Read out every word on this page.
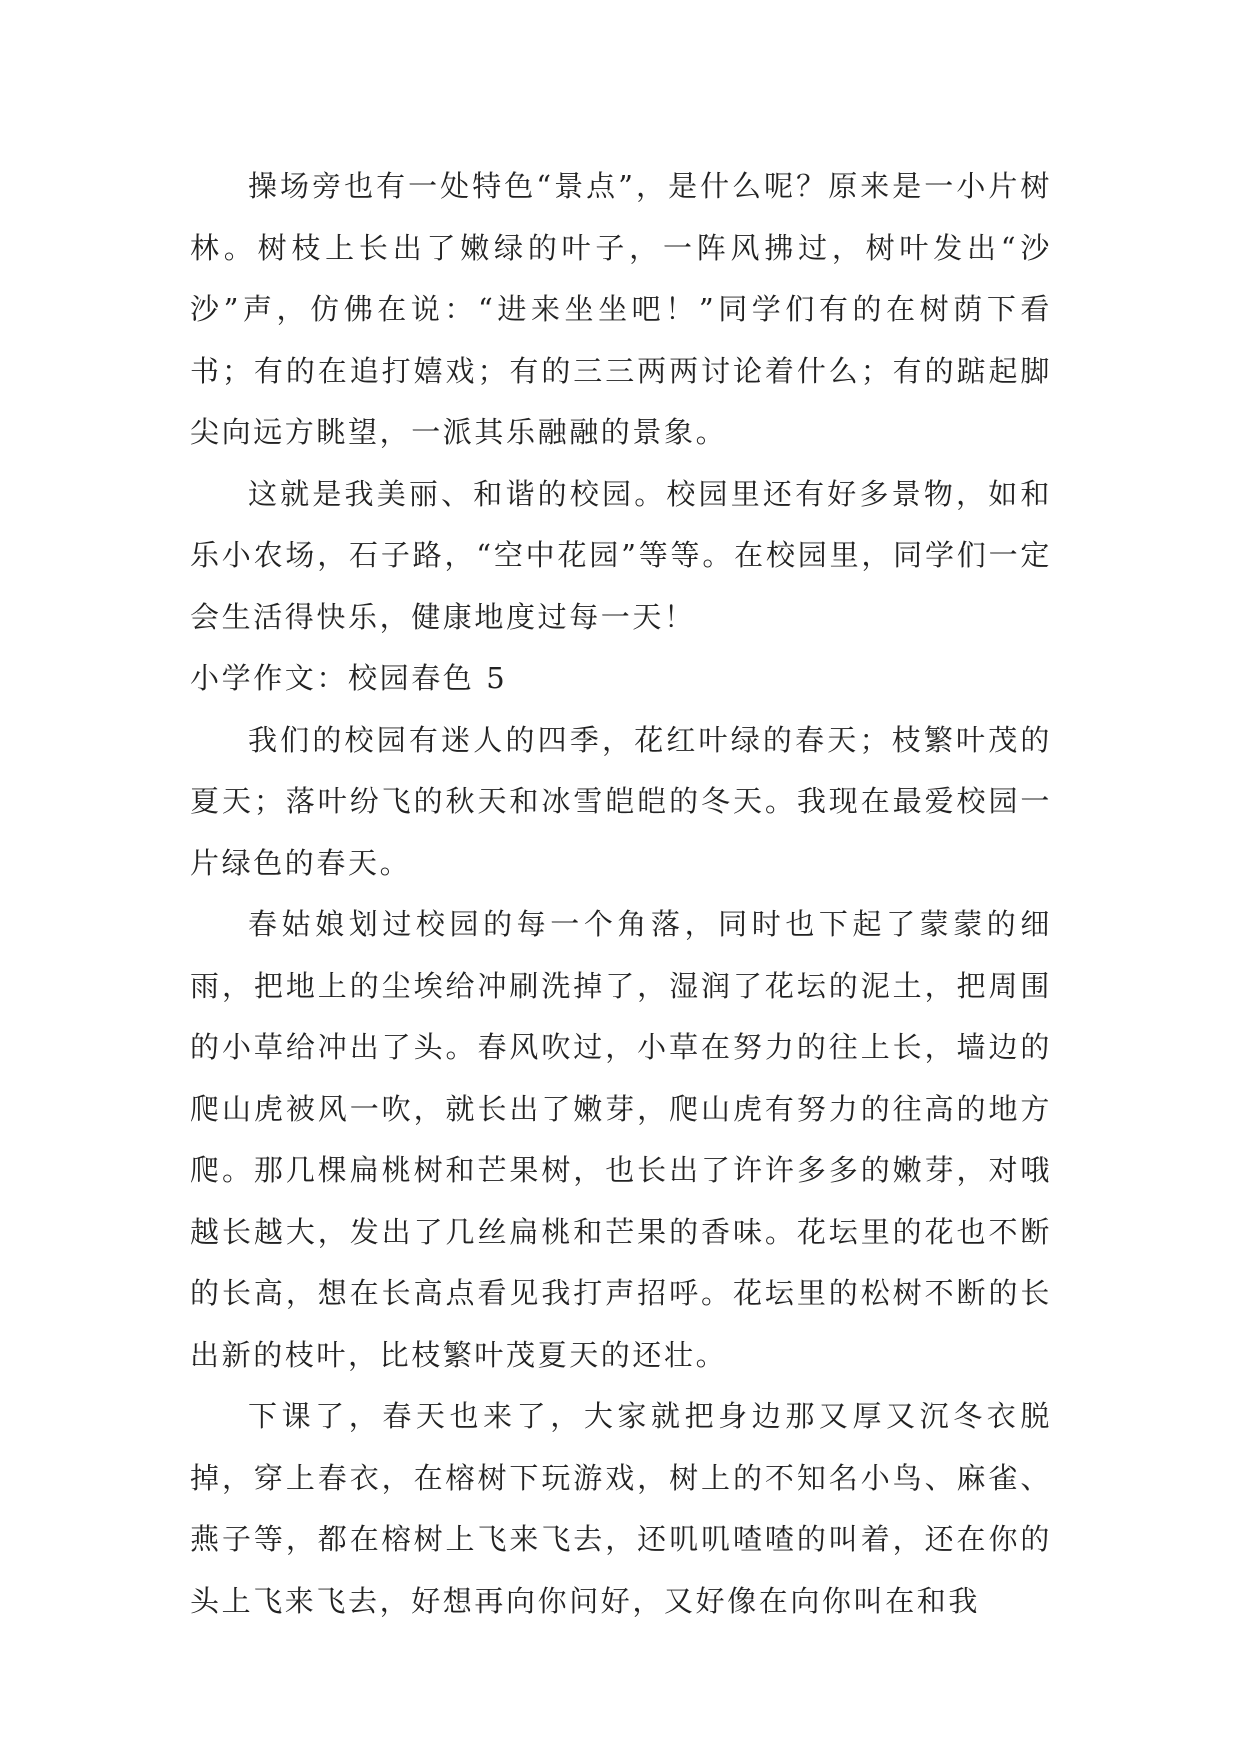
操场旁也有一处特色“景点”，是什么呢？原来是一小片树林。树枝上长出了嫩绿的叶子，一阵风拂过，树叶发出“沙沙”声，仿佛在说：“进来坐坐吧！”同学们有的在树荫下看书；有的在追打嬉戏；有的三三两两讨论着什么；有的踮起脚尖向远方眺望，一派其乐融融的景象。

这就是我美丽、和谐的校园。校园里还有好多景物，如和乐小农场，石子路，“空中花园”等等。在校园里，同学们一定会生活得快乐，健康地度过每一天！

小学作文：校园春色 5

我们的校园有迷人的四季，花红叶绿的春天；枝繁叶茂的夏天；落叶纷飞的秋天和冰雪皑皑的冬天。我现在最爱校园一片绿色的春天。

春姑娘划过校园的每一个角落，同时也下起了蒙蒙的细雨，把地上的尘埃给冲刷洗掉了，湿润了花坛的泥土，把周围的小草给冲出了头。春风吹过，小草在努力的往上长，墙边的爬山虎被风一吹，就长出了嫩芽，爬山虎有努力的往高的地方爬。那几棵扁桃树和芒果树，也长出了许许多多的嫩芽，对哦越长越大，发出了几丝扁桃和芒果的香味。花坛里的花也不断的长高，想在长高点看见我打声招呼。花坛里的松树不断的长出新的枝叶，比枝繁叶茂夏天的还壮。

下课了，春天也来了，大家就把身边那又厚又沉冬衣脱掉，穿上春衣，在榕树下玩游戏，树上的不知名小鸟、麻雀、燕子等，都在榕树上飞来飞去，还叽叽喳喳的叫着，还在你的头上飞来飞去，好想再向你问好，又好像在向你叫在和我
